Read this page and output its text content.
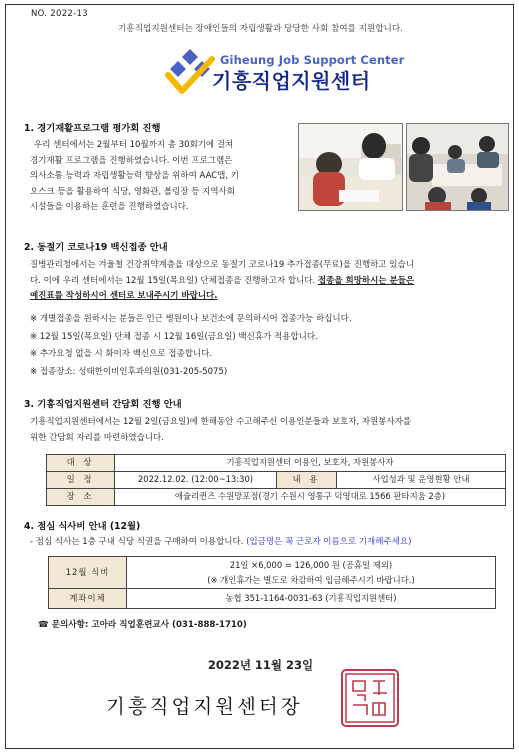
NO. 2022-13
기흥직업지원센터는 장애인들의 자립생활과 당당한 사회 참여를 지원합니다.
Giheung Job Support Center
기흥직업지원센터
1. 경기재활프로그램 평가회 진행
우리 센터에서는 2월부터 10월까지 총 30회기에 걸쳐
경기재활 프로그램을 진행하였습니다. 이번 프로그램은
의사소통 능력과 자립생활능력 향상을 위하여 AAC앱, 키
오스크 등을 활용하여 식당, 영화관, 볼링장 등 지역사회
시설들을 이용하는 훈련을 진행하였습니다.
2. 동절기 코로나19 백신접종 안내
질병관리청에서는 겨울철 건강취약계층을 대상으로 동절기 코로나19 추가접종(무료)을 진행하고 있습니
다. 이에 우리 센터에서는 12월 15일(목요일) 단체접종을 진행하고자 합니다. 접종을 희망하시는 분들은
예진표를 작성하시어 센터로 보내주시기 바랍니다.
※ 개별접종을 원하시는 분들은 인근 병원이나 보건소에 문의하시어 접종가능 하십니다.
※ 12월 15일(목요일) 단체 접종 시 12월 16일(금요일) 백신휴가 적용합니다.
※ 추가요청 없을 시 화이자 백신으로 접종합니다.
※ 접종장소: 성태한이비인후과의원(031-205-5075)
3. 기흥직업지원센터 간담회 진행 안내
기흥직업지원센터에서는 12월 2일(금요일)에 한해동안 수고해주신 이용인분들과 보호자, 자원봉사자를
위한 간담회 자리를 마련하였습니다.
대 상	기흥직업지원센터 이용인, 보호자, 자원봉사자		
일 정	2022.12.02. (12:00~13:30)	내 용	사업성과 및 운영현황 안내
장 소	애슐리퀸즈 수원망포점(경기 수원시 영통구 덕영대로 1566 판타지움 2층)		
4. 점심 식사비 안내 (12월)
- 점심 식사는 1층 구내 식당 식권을 구매하여 이용합니다. (입금명은 꼭 근로자 이름으로 기재해주세요)
12월 식비	21일 ×6,000 = 126,000 원 (공휴일 제외)
(※ 개인휴가는 별도로 차감하여 입금해주시기 바랍니다.)

계좌이체	농협 351-1164-0031-63 (기흥직업지원센터)
☎ 문의사항: 고아라 직업훈련교사 (031-888-1710)
2022년 11월 23일
기흥직업지원센터장
